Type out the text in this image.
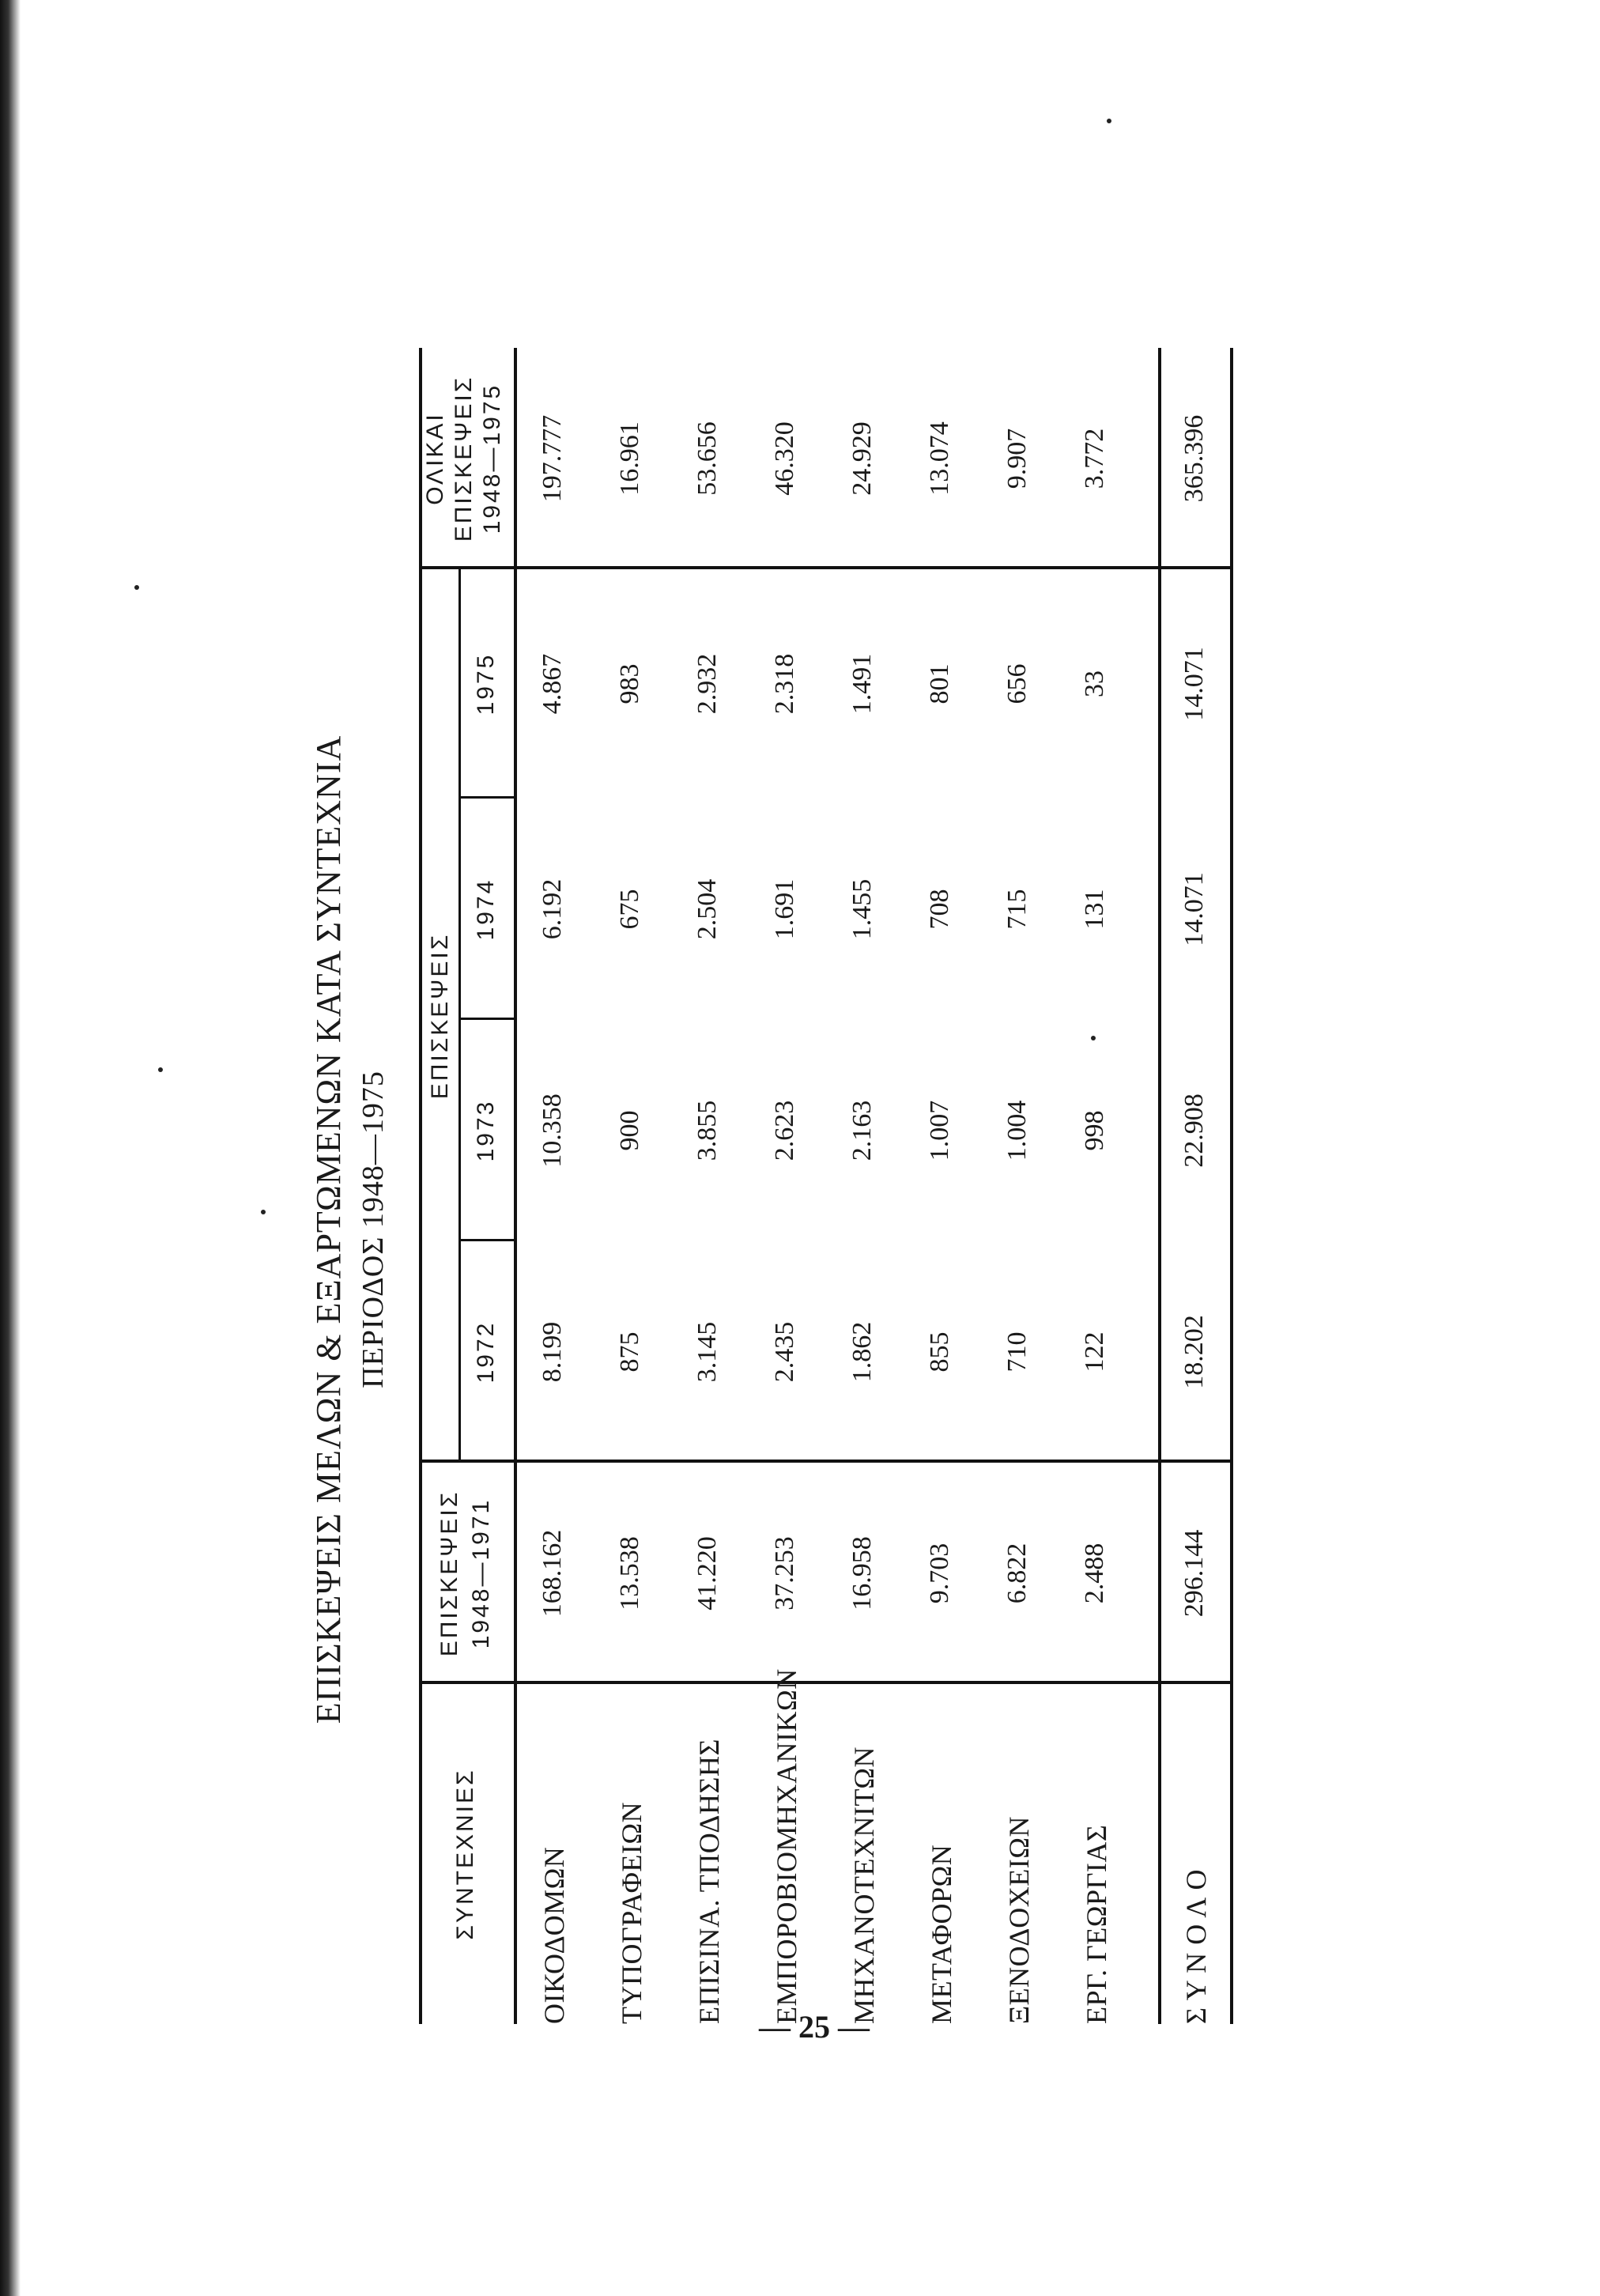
ΕΠΙΣΚΕΨΕΙΣ ΜΕΛΩΝ & ΕΞΑΡΤΩΜΕΝΩΝ ΚΑΤΑ ΣΥΝΤΕΧΝΙΑ ΠΕΡΙΟΔΟΣ 1948—1975
ΣΥΝΤΕΧΝΙΕΣ
ΕΠΙΣΚΕΨΕΙΣ 1948—1971
ΕΠΙΣΚΕΨΕΙΣ
1972
1973
1974
1975
ΟΛΙΚΑΙ ΕΠΙΣΚΕΨΕΙΣ 1948—1975
ΟΙΚΟΔΟΜΩΝ
168.162
8.199
10.358
6.192
4.867
197.777
ΤΥΠΟΓΡΑΦΕΙΩΝ
13.538
875
900
675
983
16.961
ΕΠΙΣΙΝΑ. ΤΠΟΔΗΣΗΣ
41.220
3.145
3.855
2.504
2.932
53.656
ΕΜΠΟΡΟΒΙΟΜΗΧΑΝΙΚΩΝ
37.253
2.435
2.623
1.691
2.318
46.320
ΜΗΧΑΝΟΤΕΧΝΙΤΩΝ
16.958
1.862
2.163
1.455
1.491
24.929
ΜΕΤΑΦΟΡΩΝ
9.703
855
1.007
708
801
13.074
ΞΕΝΟΔΟΧΕΙΩΝ
6.822
710
1.004
715
656
9.907
ΕΡΓ. ΓΕΩΡΓΙΑΣ
2.488
122
998
131
33
3.772
Σ Υ Ν Ο Λ Ο
296.144
18.202
22.908
14.071
14.071
365.396
— 25 —
